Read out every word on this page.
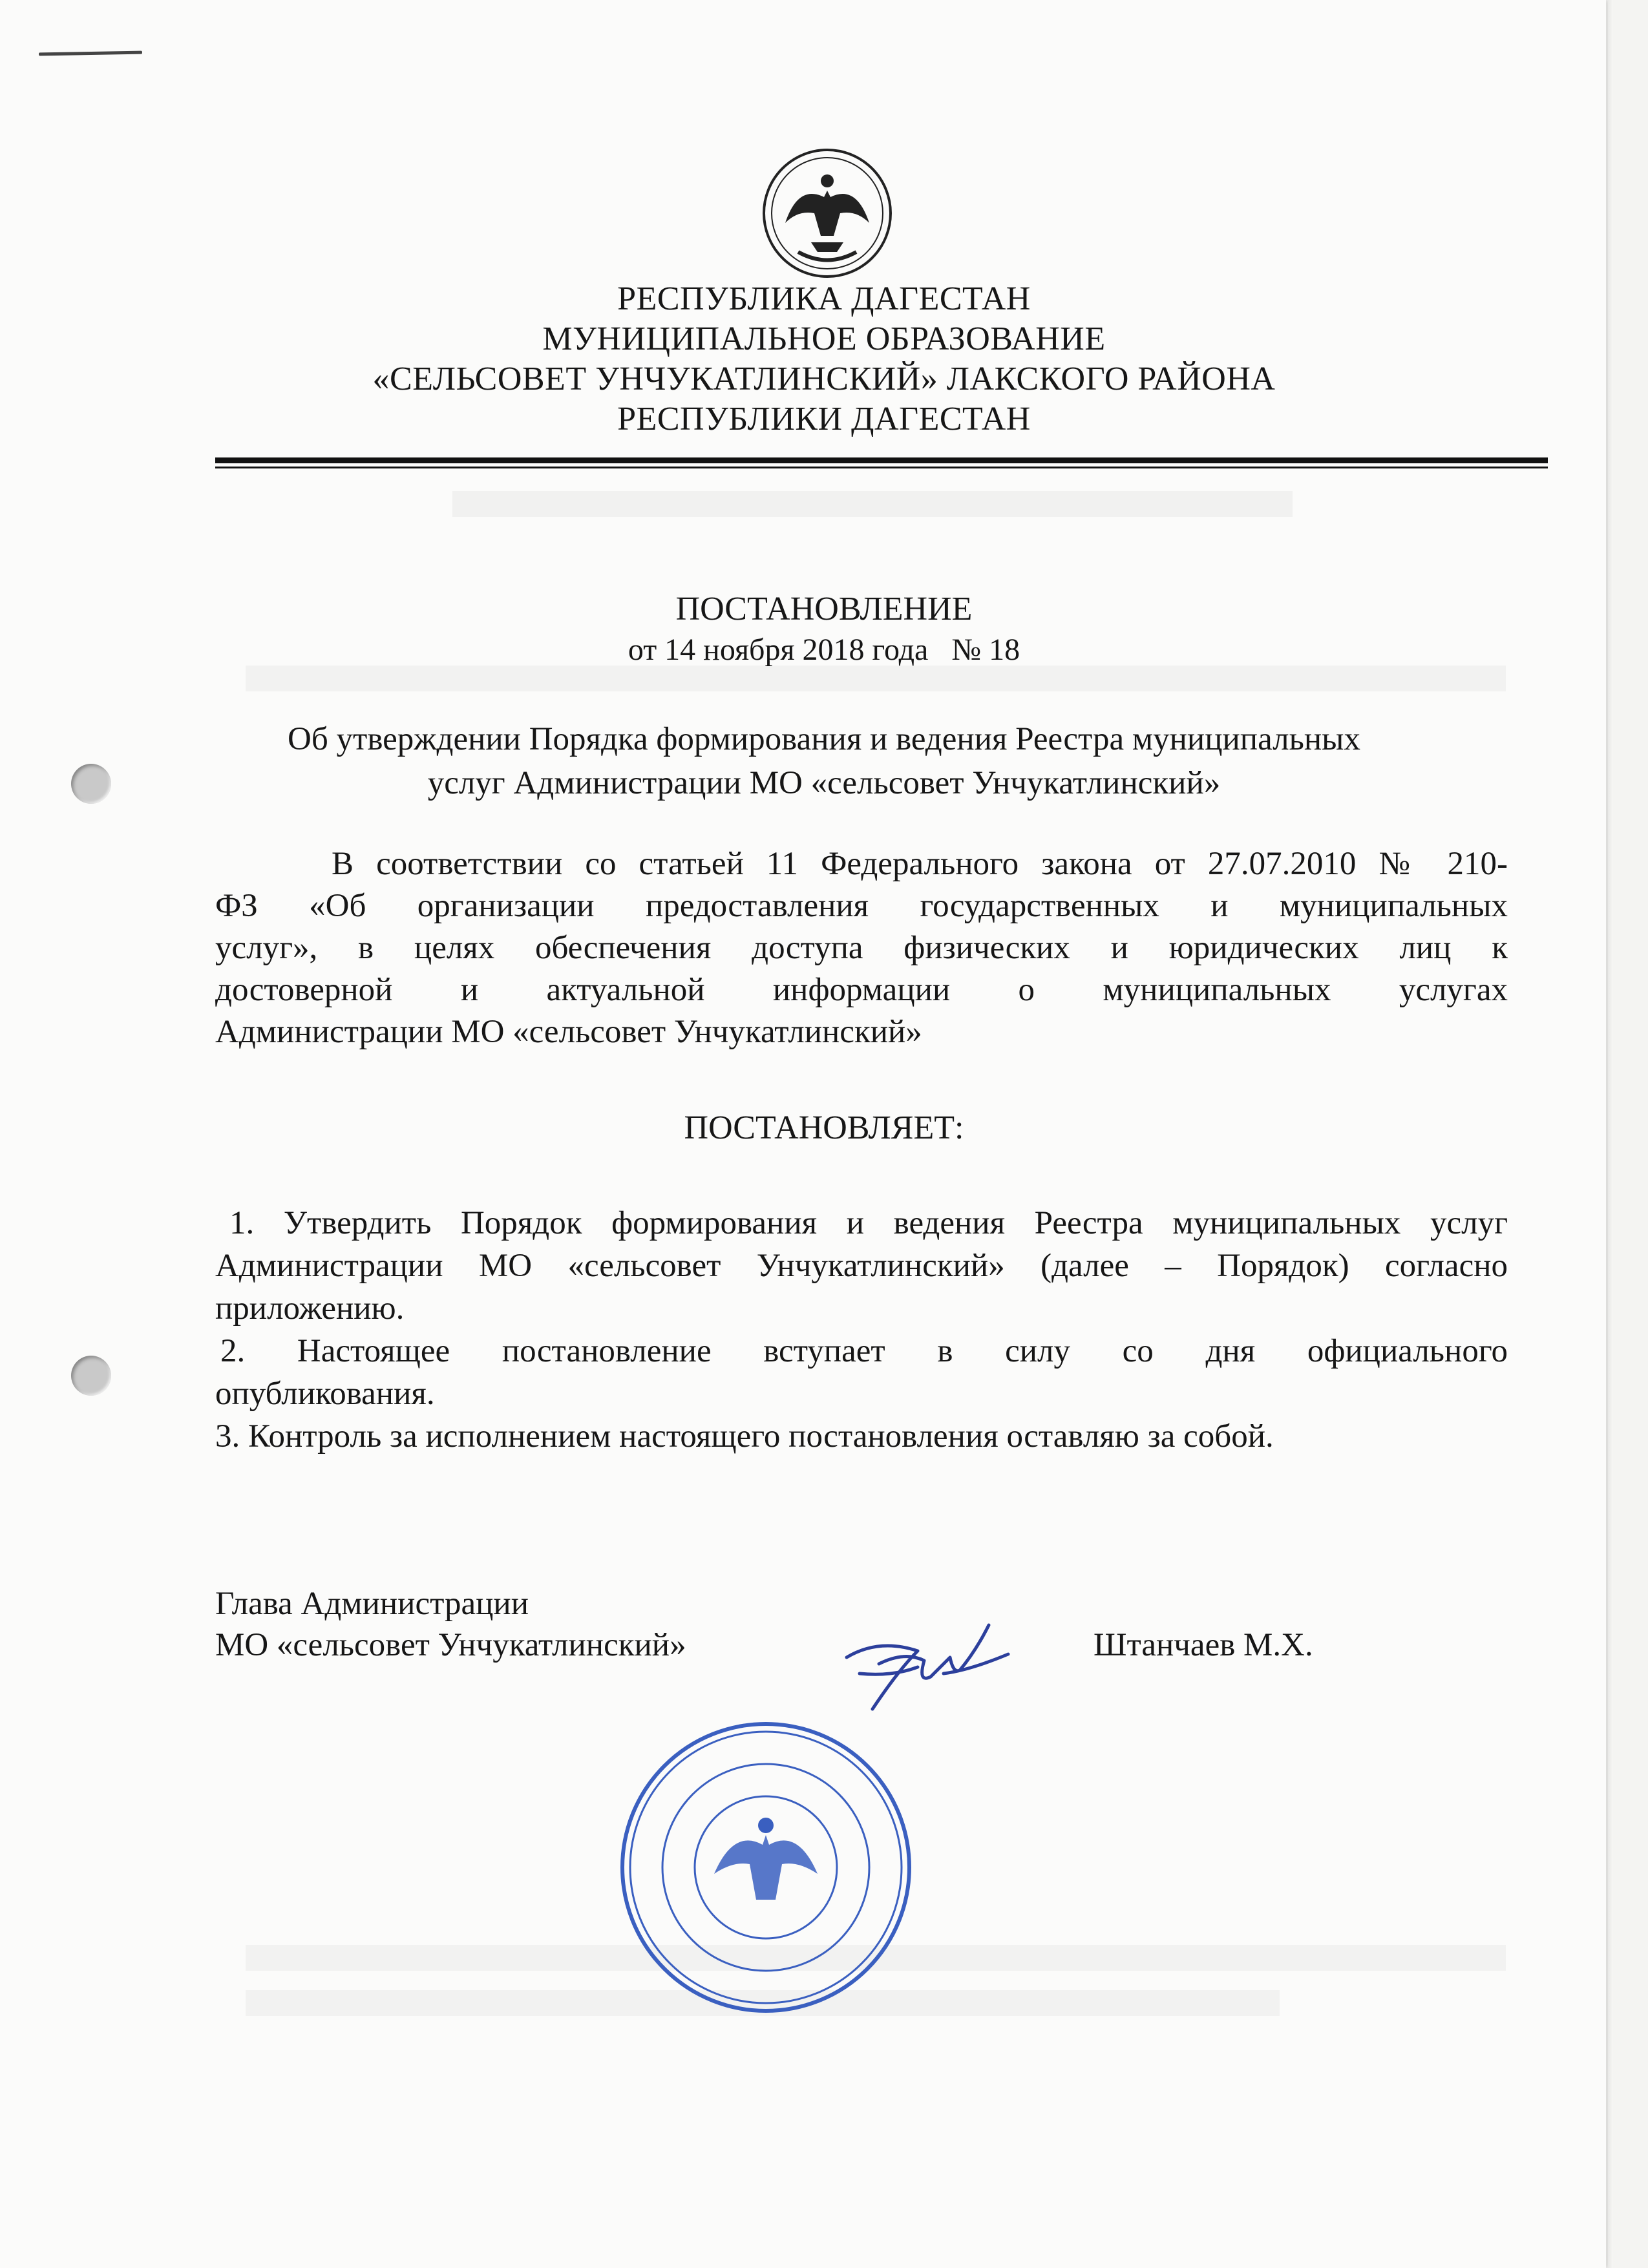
РЕСПУБЛИКА ДАГЕСТАН
МУНИЦИПАЛЬНОЕ ОБРАЗОВАНИЕ
«СЕЛЬСОВЕТ УНЧУКАТЛИНСКИЙ» ЛАКСКОГО РАЙОНА
РЕСПУБЛИКИ ДАГЕСТАН
ПОСТАНОВЛЕНИЕ
от 14 ноября 2018 года   № 18
Об утверждении Порядка формирования и ведения Реестра муниципальных
услуг Администрации МО «сельсовет Унчукатлинский»
В соответствии со статьей 11 Федерального закона от 27.07.2010 № 210-
ФЗ «Об организации предоставления государственных и муниципальных
услуг», в целях обеспечения доступа физических и юридических лиц к
достоверной и актуальной информации о муниципальных услугах
Администрации МО «сельсовет Унчукатлинский»
ПОСТАНОВЛЯЕТ:
1. Утвердить Порядок формирования и ведения Реестра муниципальных услуг
Администрации МО «сельсовет Унчукатлинский» (далее – Порядок) согласно
приложению.
2. Настоящее постановление вступает в силу со дня официального
опубликования.
3. Контроль за исполнением настоящего постановления оставляю за собой.
Глава Администрации
МО «сельсовет Унчукатлинский»	Штанчаев М.Х.
